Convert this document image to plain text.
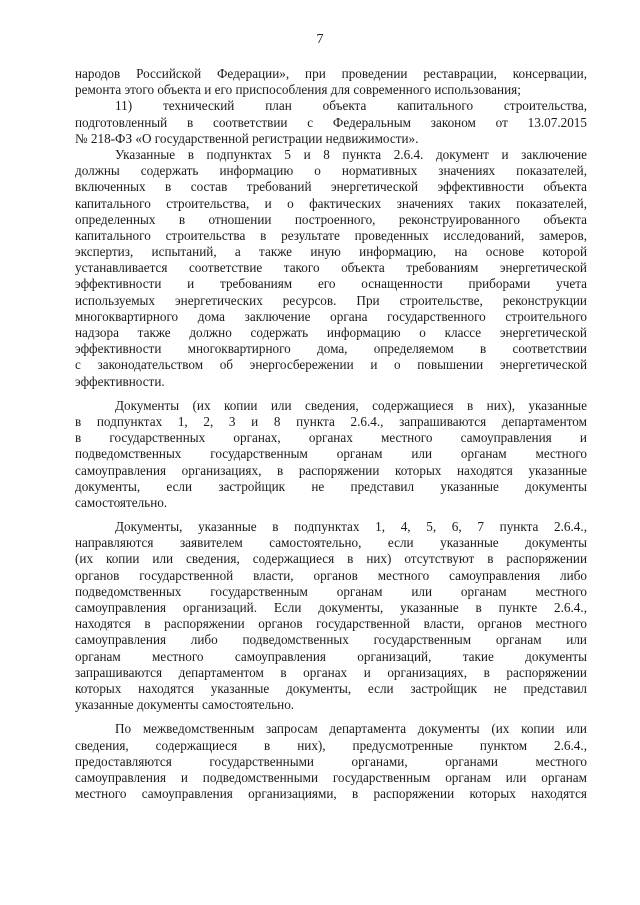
7
народов Российской Федерации», при проведении реставрации, консервации,
ремонта этого объекта и его приспособления для современного использования;
11) технический план объекта капитального строительства,
подготовленный в соответствии с Федеральным законом от 13.07.2015
№ 218-ФЗ «О государственной регистрации недвижимости».
Указанные в подпунктах 5 и 8 пункта 2.6.4. документ и заключение
должны содержать информацию о нормативных значениях показателей,
включенных в состав требований энергетической эффективности объекта
капитального строительства, и о фактических значениях таких показателей,
определенных в отношении построенного, реконструированного объекта
капитального строительства в результате проведенных исследований, замеров,
экспертиз, испытаний, а также иную информацию, на основе которой
устанавливается соответствие такого объекта требованиям энергетической
эффективности и требованиям его оснащенности приборами учета
используемых энергетических ресурсов. При строительстве, реконструкции
многоквартирного дома заключение органа государственного строительного
надзора также должно содержать информацию о классе энергетической
эффективности многоквартирного дома, определяемом в соответствии
с законодательством об энергосбережении и о повышении энергетической
эффективности.
Документы (их копии или сведения, содержащиеся в них), указанные
в подпунктах 1, 2, 3 и 8 пункта 2.6.4., запрашиваются департаментом
в государственных органах, органах местного самоуправления и
подведомственных государственным органам или органам местного
самоуправления организациях, в распоряжении которых находятся указанные
документы, если застройщик не представил указанные документы
самостоятельно.
Документы, указанные в подпунктах 1, 4, 5, 6, 7 пункта 2.6.4.,
направляются заявителем самостоятельно, если указанные документы
(их копии или сведения, содержащиеся в них) отсутствуют в распоряжении
органов государственной власти, органов местного самоуправления либо
подведомственных государственным органам или органам местного
самоуправления организаций. Если документы, указанные в пункте 2.6.4.,
находятся в распоряжении органов государственной власти, органов местного
самоуправления либо подведомственных государственным органам или
органам местного самоуправления организаций, такие документы
запрашиваются департаментом в органах и организациях, в распоряжении
которых находятся указанные документы, если застройщик не представил
указанные документы самостоятельно.
По межведомственным запросам департамента документы (их копии или
сведения, содержащиеся в них), предусмотренные пунктом 2.6.4.,
предоставляются государственными органами, органами местного
самоуправления и подведомственными государственным органам или органам
местного самоуправления организациями, в распоряжении которых находятся
